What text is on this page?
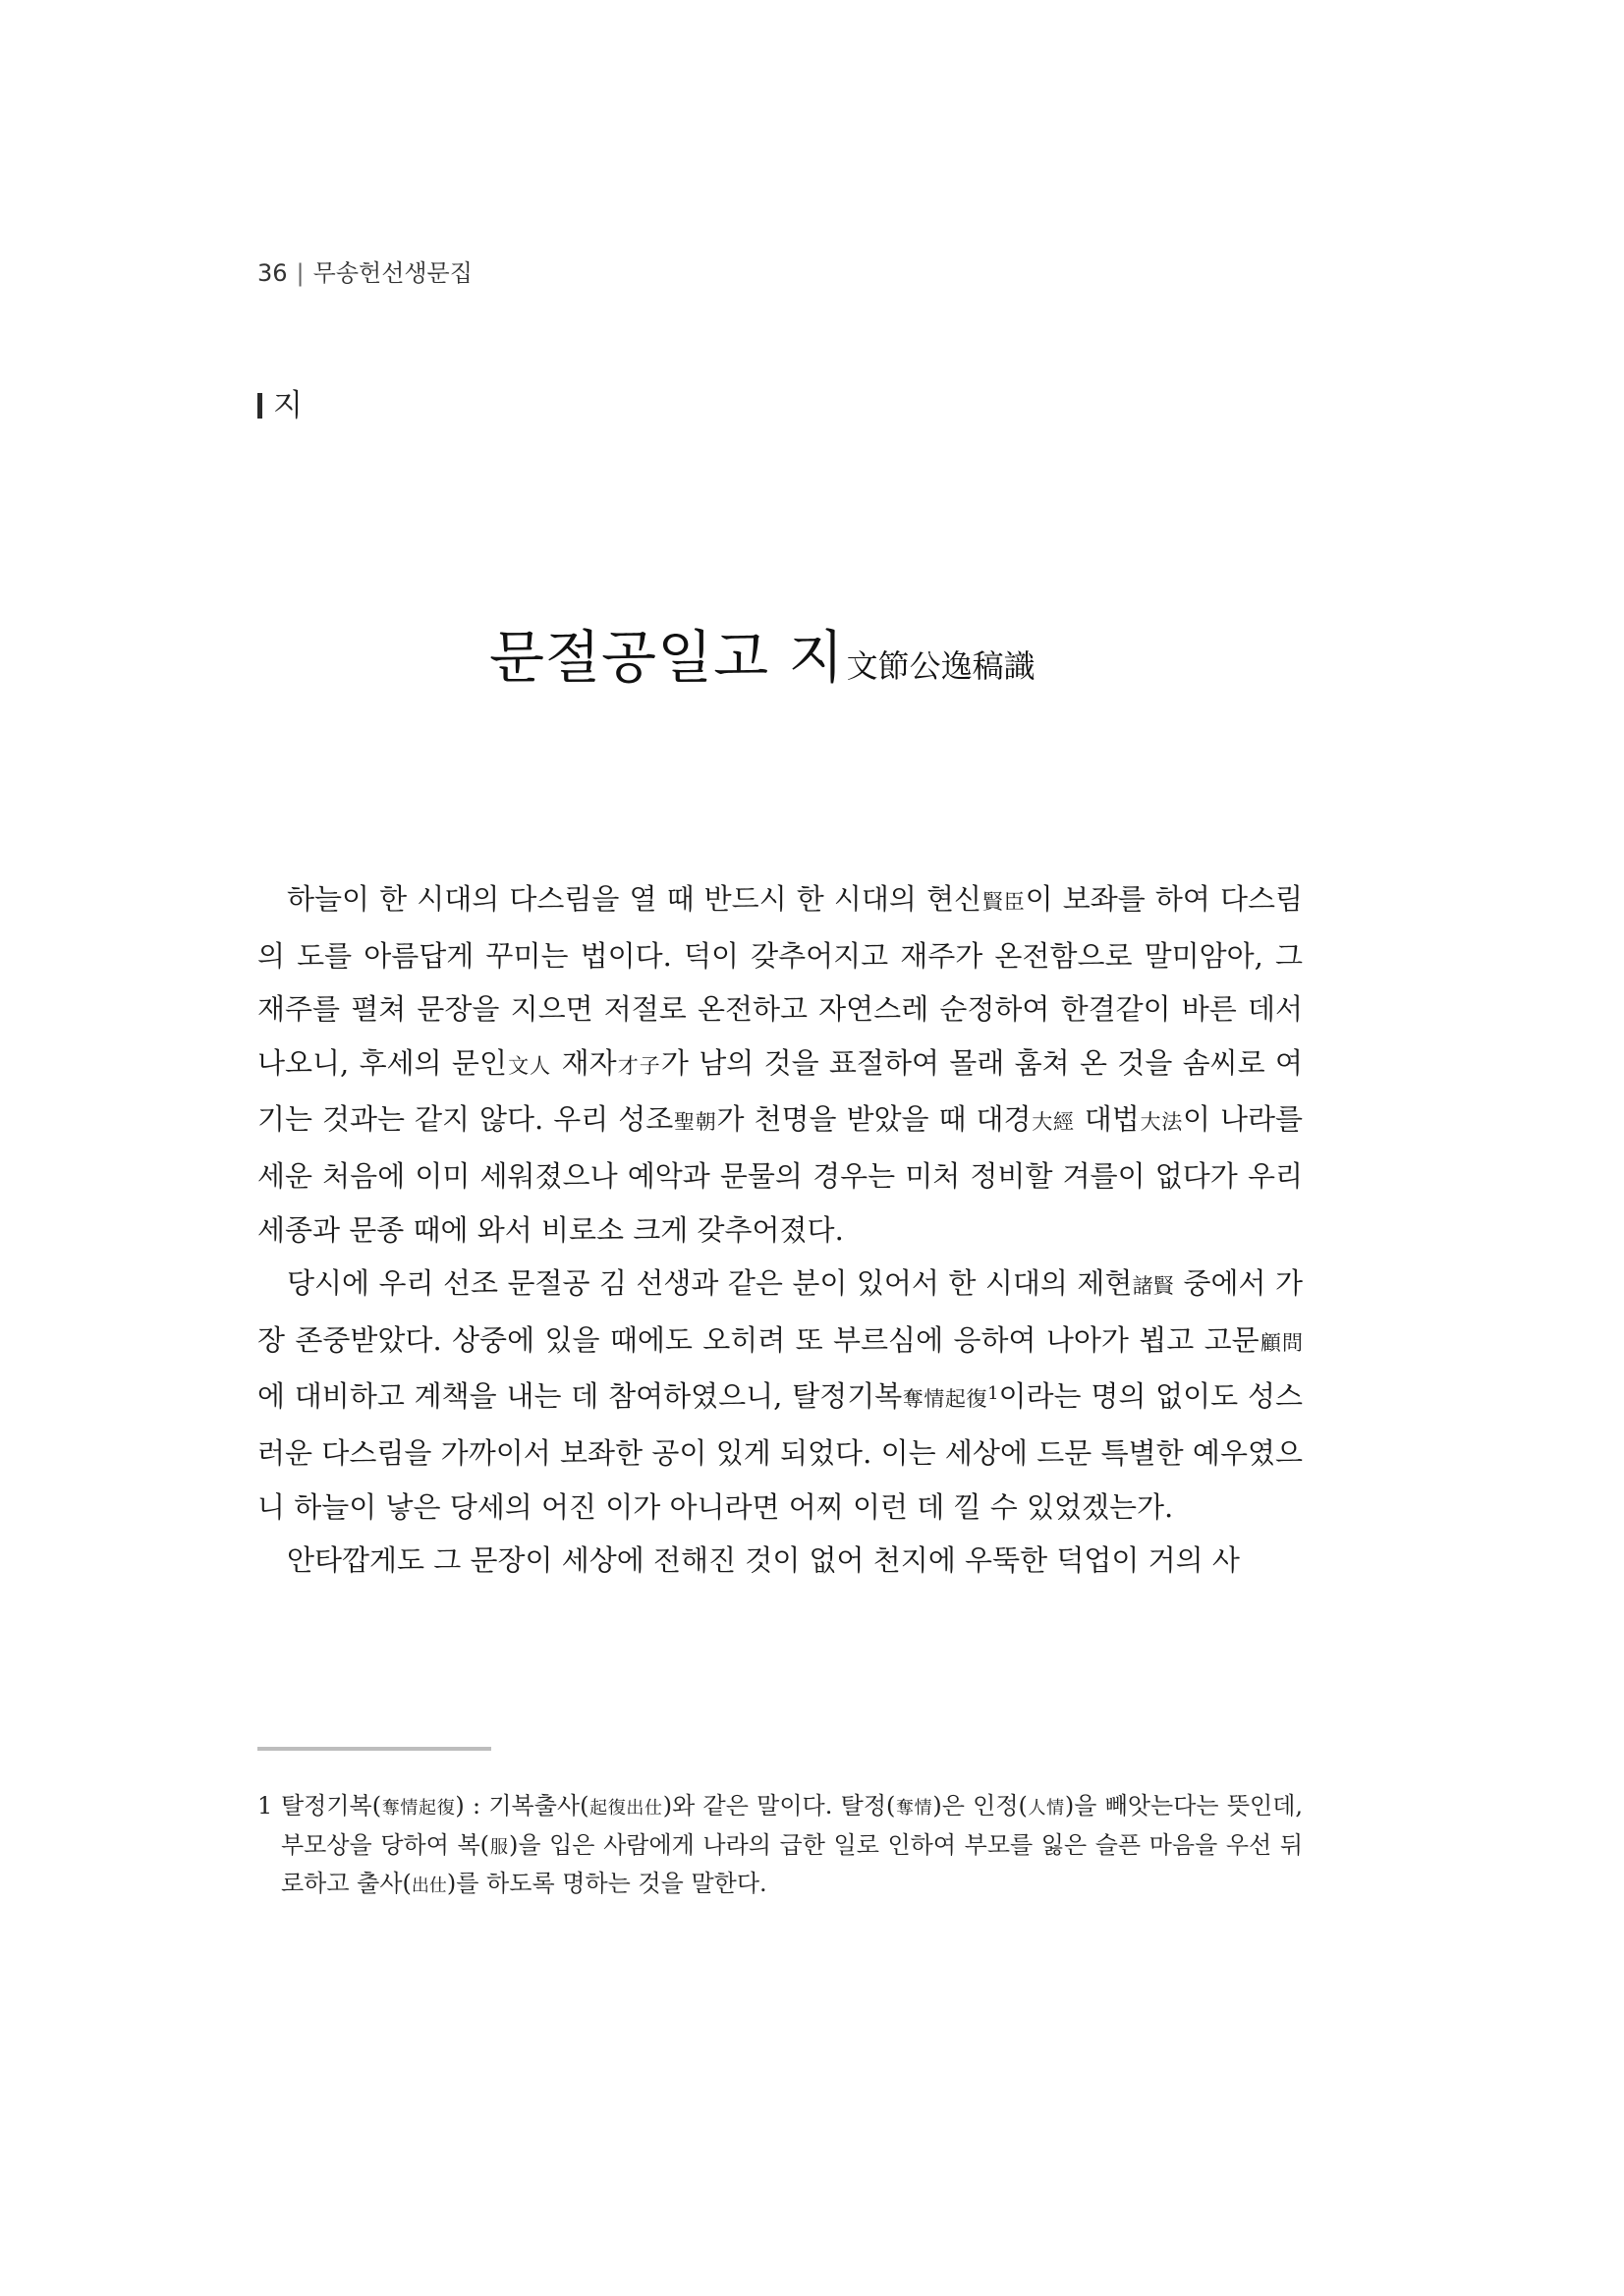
36 | 무송헌선생문집
지
문절공일고 지文節公逸稿識

하늘이 한 시대의 다스림을 열 때 반드시 한 시대의 현신賢臣이 보좌를 하여 다스림의 도를 아름답게 꾸미는 법이다. 덕이 갖추어지고 재주가 온전함으로 말미암아, 그 재주를 펼쳐 문장을 지으면 저절로 온전하고 자연스레 순정하여 한결같이 바른 데서 나오니, 후세의 문인文人 재자才子가 남의 것을 표절하여 몰래 훔쳐 온 것을 솜씨로 여기는 것과는 같지 않다. 우리 성조聖朝가 천명을 받았을 때 대경大經 대법大法이 나라를 세운 처음에 이미 세워졌으나 예악과 문물의 경우는 미처 정비할 겨를이 없다가 우리 세종과 문종 때에 와서 비로소 크게 갖추어졌다.

당시에 우리 선조 문절공 김 선생과 같은 분이 있어서 한 시대의 제현諸賢 중에서 가장 존중받았다. 상중에 있을 때에도 오히려 또 부르심에 응하여 나아가 뵙고 고문顧問에 대비하고 계책을 내는 데 참여하였으니, 탈정기복奪情起復$^1$이라는 명의 없이도 성스러운 다스림을 가까이서 보좌한 공이 있게 되었다. 이는 세상에 드문 특별한 예우였으니 하늘이 낳은 당세의 어진 이가 아니라면 어찌 이런 데 낄 수 있었겠는가.

안타깝게도 그 문장이 세상에 전해진 것이 없어 천지에 우뚝한 덕업이 거의 사

1 탈정기복(奪情起復) : 기복출사(起復出仕)와 같은 말이다. 탈정(奪情)은 인정(人情)을 빼앗는다는 뜻인데, 부모상을 당하여 복(服)을 입은 사람에게 나라의 급한 일로 인하여 부모를 잃은 슬픈 마음을 우선 뒤로하고 출사(出仕)를 하도록 명하는 것을 말한다.
